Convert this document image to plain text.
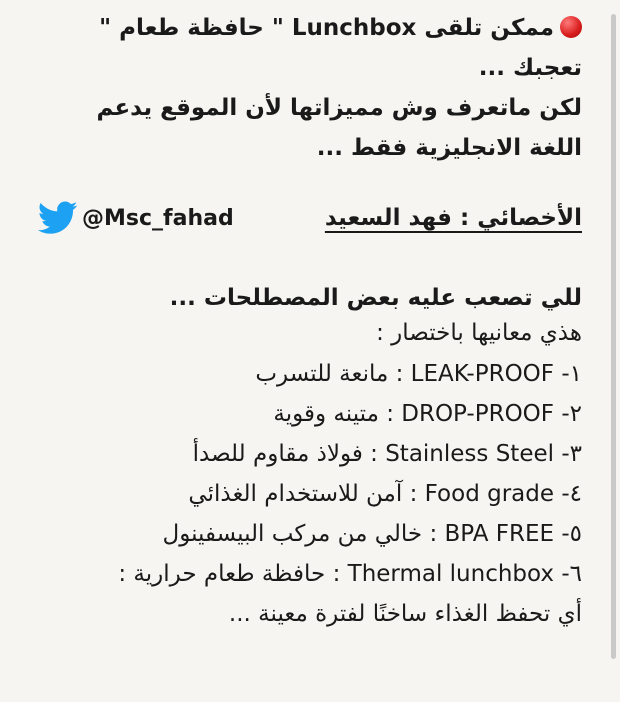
ممكن تلقى Lunchbox " حافظة طعام "
تعجبك ...
لكن ماتعرف وش مميزاتها لأن الموقع يدعم
اللغة الانجليزية فقط ...
الأخصائي : فهد السعيد
@Msc_fahad
للي تصعب عليه بعض المصطلحات ...
هذي معانيها باختصار :
١- LEAK-PROOF : مانعة للتسرب
٢- DROP-PROOF : متينه وقوية
٣- Stainless Steel : فولاذ مقاوم للصدأ
٤- Food grade : آمن للاستخدام الغذائي
٥- BPA FREE : خالي من مركب البيسفينول
٦- Thermal lunchbox : حافظة طعام حرارية :
أي تحفظ الغذاء ساخنًا لفترة معينة ...
